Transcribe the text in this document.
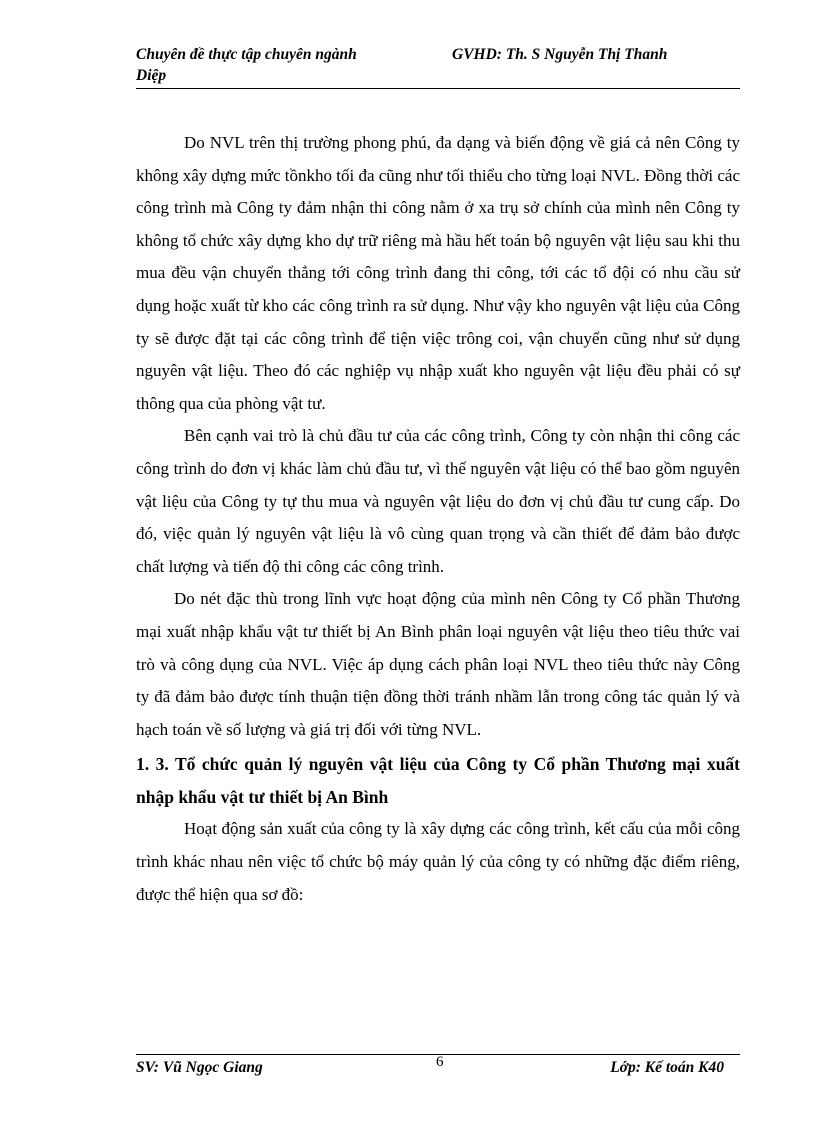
Chuyên đề thực tập chuyên ngành	GVHD: Th. S Nguyễn Thị Thanh
Diệp

Do NVL trên thị trường phong phú, đa dạng và biến động về giá cả nên Công ty không xây dựng mức tồnkho tối đa cũng như tối thiểu cho từng loại NVL. Đồng thời các công trình mà Công ty đảm nhận thi công nằm ở xa trụ sở chính của mình nên Công ty không tổ chức xây dựng kho dự trữ riêng mà hầu hết toán bộ nguyên vật liệu sau khi thu mua đều vận chuyển thẳng tới công trình đang thi công, tới các tổ đội có nhu cầu sử dụng hoặc xuất từ kho các công trình ra sử dụng. Như vậy kho nguyên vật liệu của Công ty sẽ được đặt tại các công trình để tiện việc trông coi, vận chuyển cũng như sử dụng nguyên vật liệu. Theo đó các nghiệp vụ nhập xuất kho nguyên vật liệu đều phải có sự thông qua của phòng vật tư.

Bên cạnh vai trò là chủ đầu tư của các công trình, Công ty còn nhận thi công các công trình do đơn vị khác làm chủ đầu tư, vì thế nguyên vật liệu có thể bao gồm nguyên vật liệu của Công ty tự thu mua và nguyên vật liệu do đơn vị chủ đầu tư cung cấp. Do đó, việc quản lý nguyên vật liệu là vô cùng quan trọng và cần thiết để đảm bảo được chất lượng và tiến độ thi công các công trình.

Do nét đặc thù trong lĩnh vực hoạt động của mình nên Công ty Cổ phần Thương mại xuất nhập khẩu vật tư thiết bị An Bình phân loại nguyên vật liệu theo tiêu thức vai trò và công dụng của NVL. Việc áp dụng cách phân loại NVL theo tiêu thức này Công ty đã đảm bảo được tính thuận tiện đồng thời tránh nhầm lẫn trong công tác quản lý và hạch toán về số lượng và giá trị đối với từng NVL.

1. 3. Tổ chức quản lý nguyên vật liệu của Công ty Cổ phần Thương mại xuất nhập khẩu vật tư thiết bị An Bình

Hoạt động sản xuất của công ty là xây dựng các công trình, kết cấu của mỗi công trình khác nhau nên việc tổ chức bộ máy quản lý của công ty có những đặc điểm riêng, được thể hiện qua sơ đồ:

SV: Vũ Ngọc Giang	6	Lớp: Kế toán K40
